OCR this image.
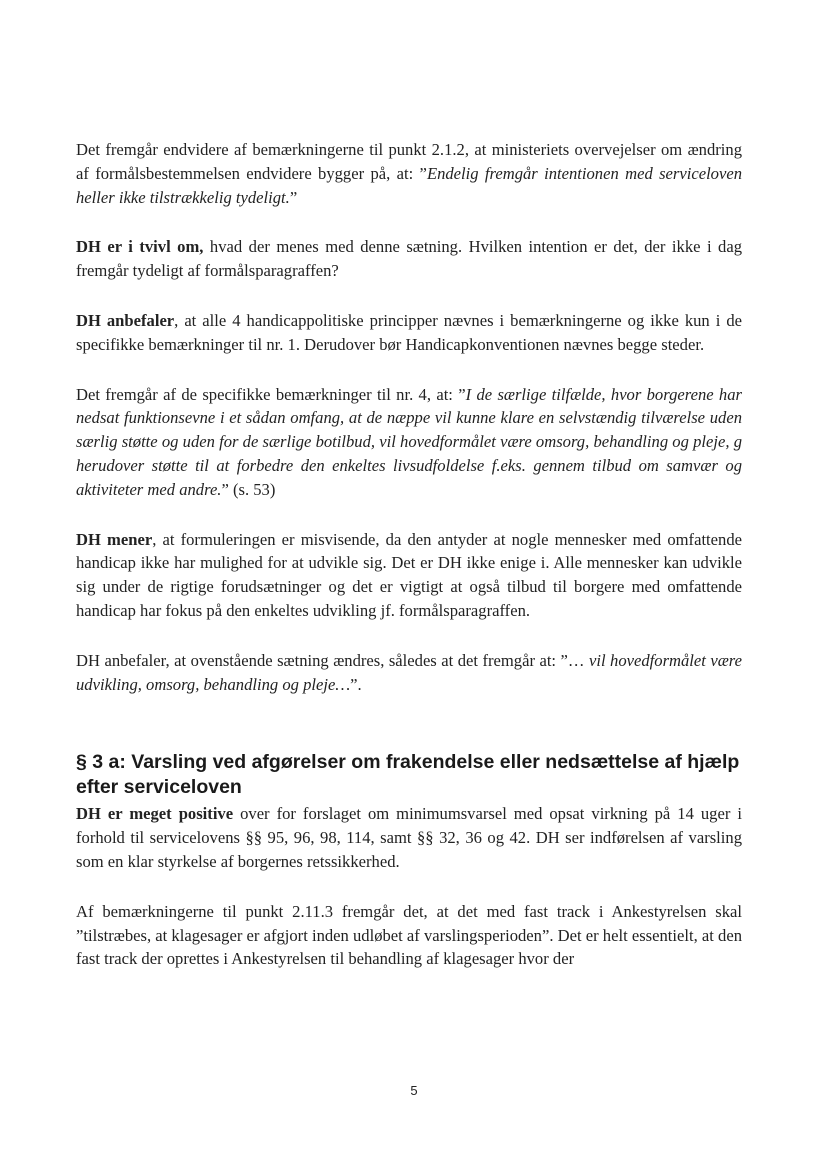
Det fremgår endvidere af bemærkningerne til punkt 2.1.2, at ministeriets overvejelser om ændring af formålsbestemmelsen endvidere bygger på, at: ”Endelig fremgår intentionen med serviceloven heller ikke tilstrækkelig tydeligt.”

DH er i tvivl om, hvad der menes med denne sætning. Hvilken intention er det, der ikke i dag fremgår tydeligt af formålsparagraffen?

DH anbefaler, at alle 4 handicappolitiske principper nævnes i bemærkningerne og ikke kun i de specifikke bemærkninger til nr. 1. Derudover bør Handicapkonventionen nævnes begge steder.

Det fremgår af de specifikke bemærkninger til nr. 4, at: ”I de særlige tilfælde, hvor borgerene har nedsat funktionsevne i et sådan omfang, at de næppe vil kunne klare en selvstændig tilværelse uden særlig støtte og uden for de særlige botilbud, vil hovedformålet være omsorg, behandling og pleje, g herudover støtte til at forbedre den enkeltes livsudfoldelse f.eks. gennem tilbud om samvær og aktiviteter med andre.” (s. 53)

DH mener, at formuleringen er misvisende, da den antyder at nogle mennesker med omfattende handicap ikke har mulighed for at udvikle sig. Det er DH ikke enige i. Alle mennesker kan udvikle sig under de rigtige forudsætninger og det er vigtigt at også tilbud til borgere med omfattende handicap har fokus på den enkeltes udvikling jf. formålsparagraffen.

DH anbefaler, at ovenstående sætning ændres, således at det fremgår at: ”… vil hovedformålet være udvikling, omsorg, behandling og pleje…”.

§ 3 a: Varsling ved afgørelser om frakendelse eller nedsættelse af hjælp efter serviceloven

DH er meget positive over for forslaget om minimumsvarsel med opsat virkning på 14 uger i forhold til servicelovens §§ 95, 96, 98, 114, samt §§ 32, 36 og 42. DH ser indførelsen af varsling som en klar styrkelse af borgernes retssikkerhed.

Af bemærkningerne til punkt 2.11.3 fremgår det, at det med fast track i Ankestyrelsen skal ”tilstræbes, at klagesager er afgjort inden udløbet af varslingsperioden”. Det er helt essentielt, at den fast track der oprettes i Ankestyrelsen til behandling af klagesager hvor der

5
